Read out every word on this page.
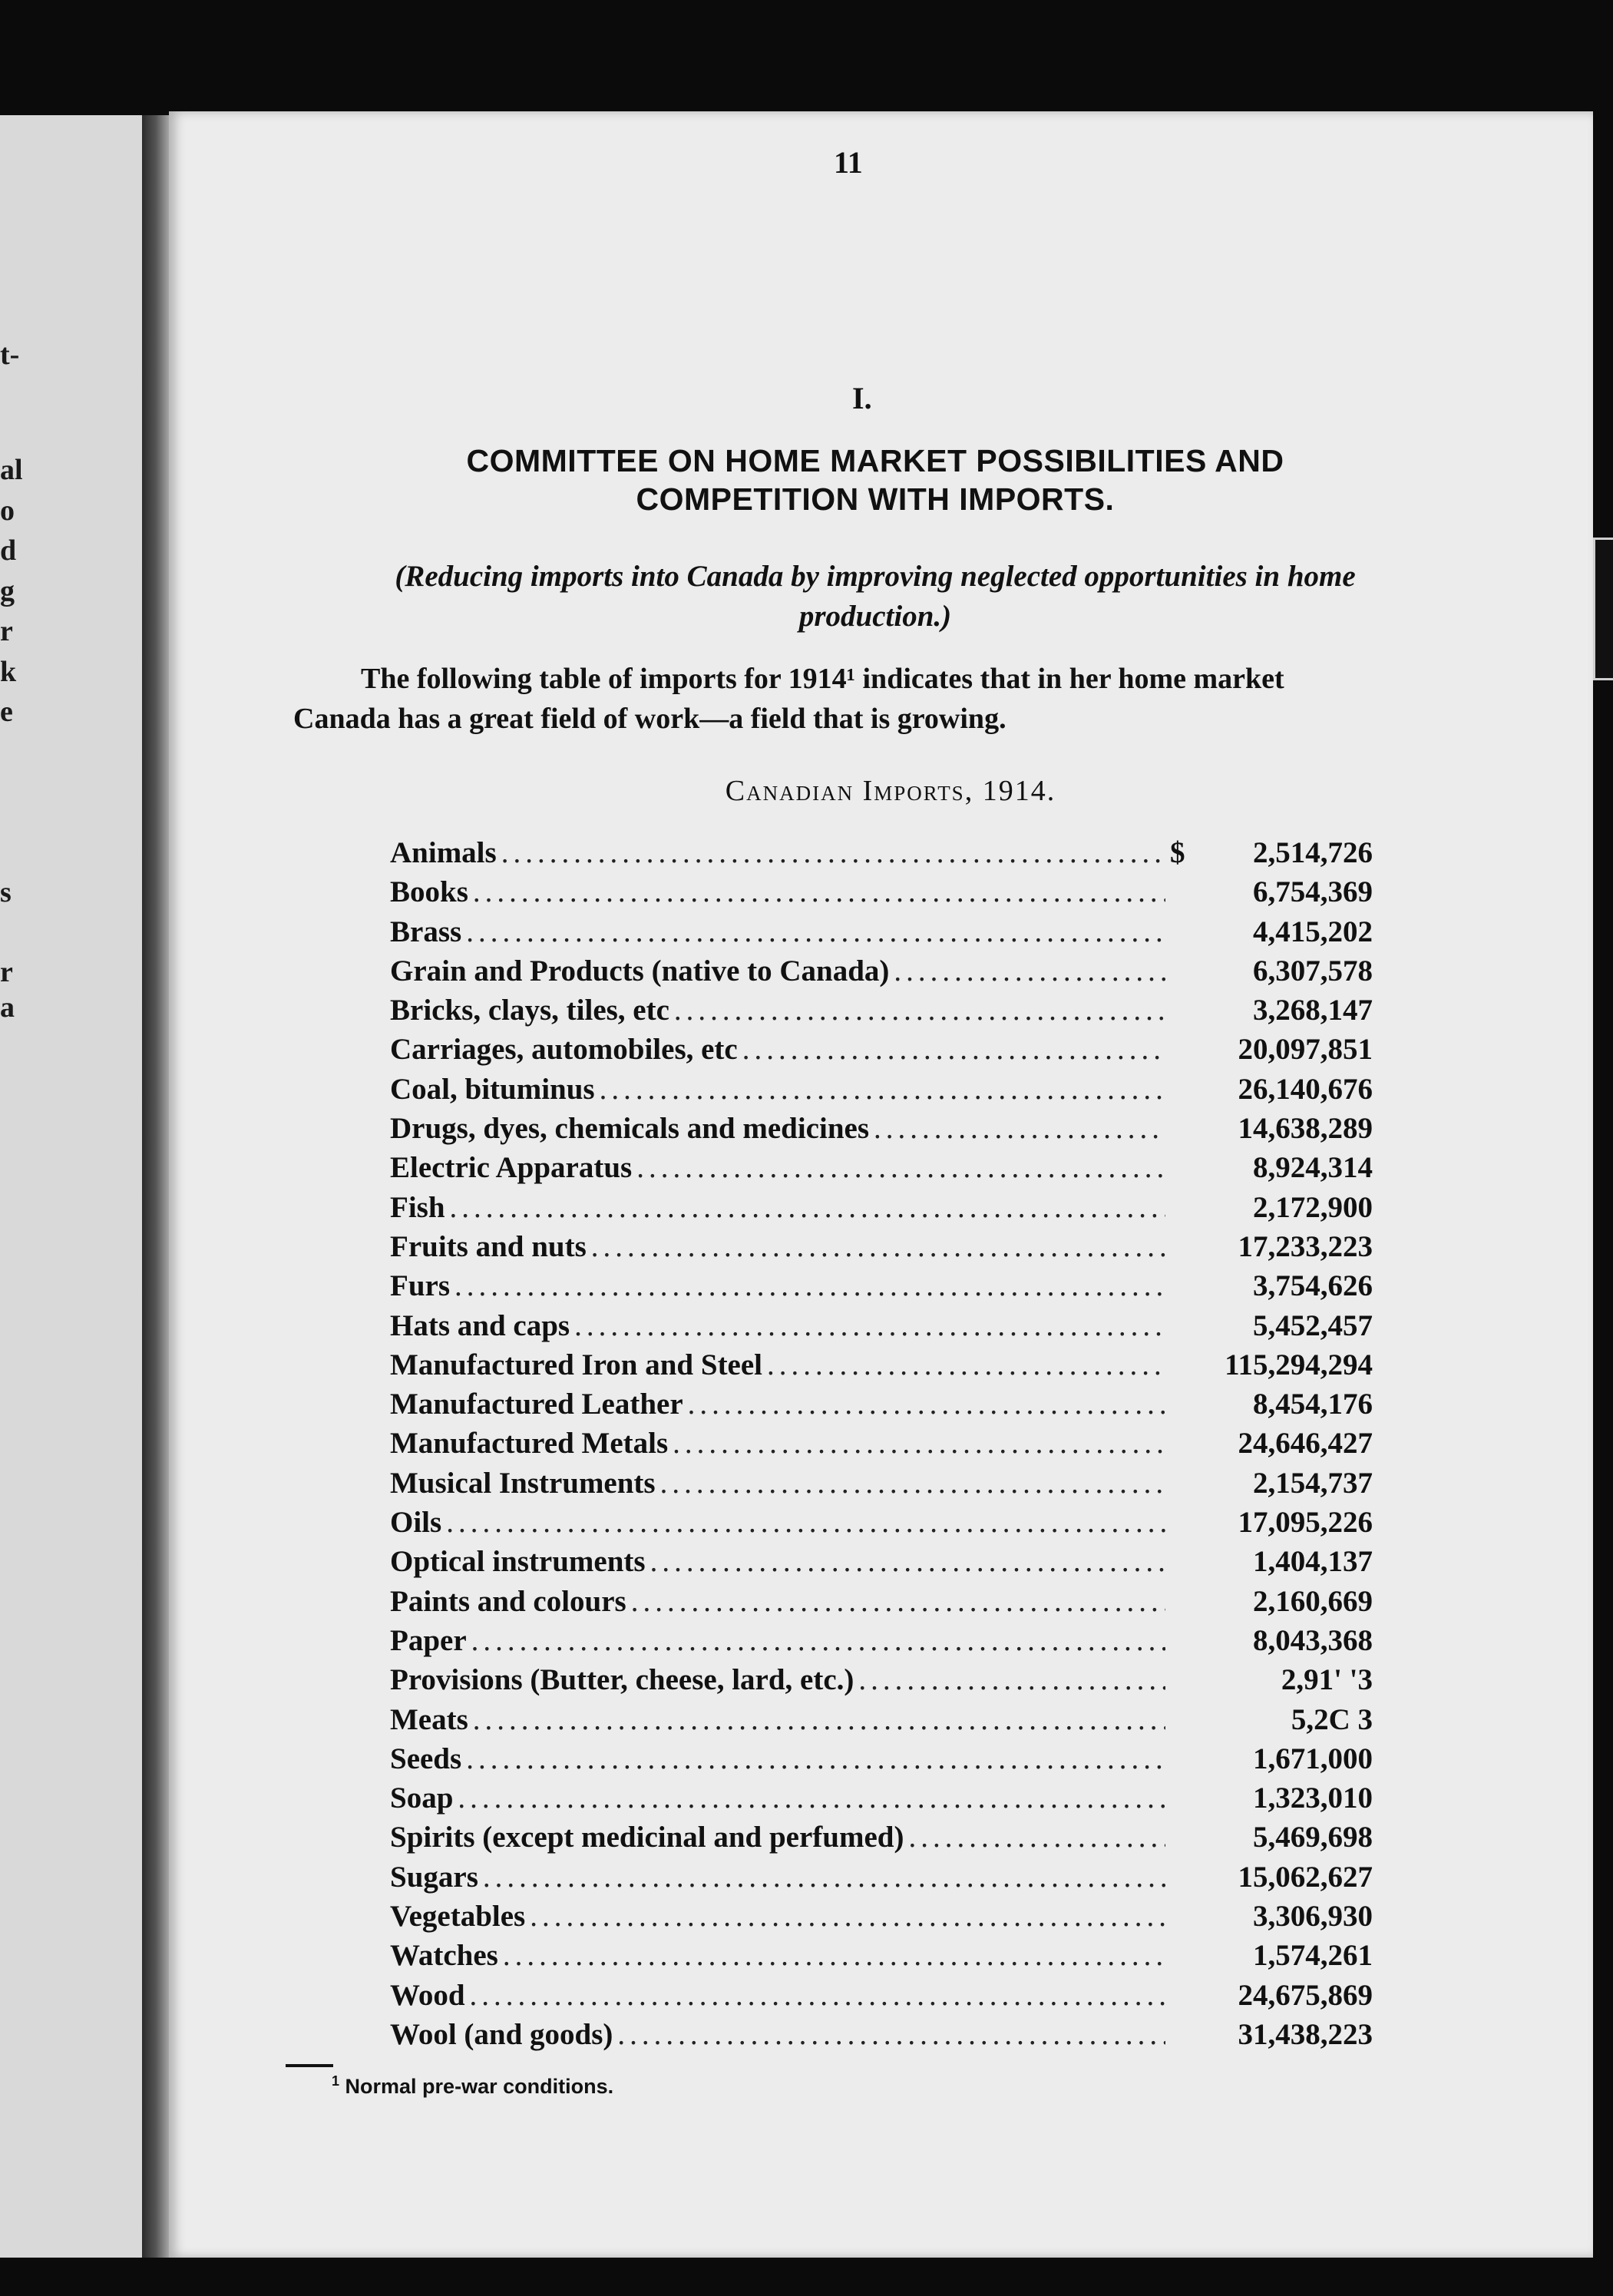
t-
al
o
d
g
r
k
e
s
r
a
11
I.
COMMITTEE ON HOME MARKET POSSIBILITIES AND
COMPETITION WITH IMPORTS.
(Reducing imports into Canada by improving neglected opportunities in home
production.)
The following table of imports for 1914¹ indicates that in her home market
Canada has a great field of work—a field that is growing.
Canadian Imports, 1914.
Animals .....	$	2,514,726
Books .....	6,754,369
Brass .....	4,415,202
Grain and Products (native to Canada) .....	6,307,578
Bricks, clays, tiles, etc .....	3,268,147
Carriages, automobiles, etc .....	20,097,851
Coal, bituminus .....	26,140,676
Drugs, dyes, chemicals and medicines .....	14,638,289
Electric Apparatus .....	8,924,314
Fish .....	2,172,900
Fruits and nuts .....	17,233,223
Furs .....	3,754,626
Hats and caps .....	5,452,457
Manufactured Iron and Steel .....	115,294,294
Manufactured Leather .....	8,454,176
Manufactured Metals .....	24,646,427
Musical Instruments .....	2,154,737
Oils .....	17,095,226
Optical instruments .....	1,404,137
Paints and colours .....	2,160,669
Paper .....	8,043,368
Provisions (Butter, cheese, lard, etc.) .....	2,91' '3
Meats .....	5,2C 3
Seeds .....	1,671,000
Soap .....	1,323,010
Spirits (except medicinal and perfumed) .....	5,469,698
Sugars .....	15,062,627
Vegetables .....	3,306,930
Watches .....	1,574,261
Wood .....	24,675,869
Wool (and goods) .....	31,438,223
$^1$ Normal pre-war conditions.
